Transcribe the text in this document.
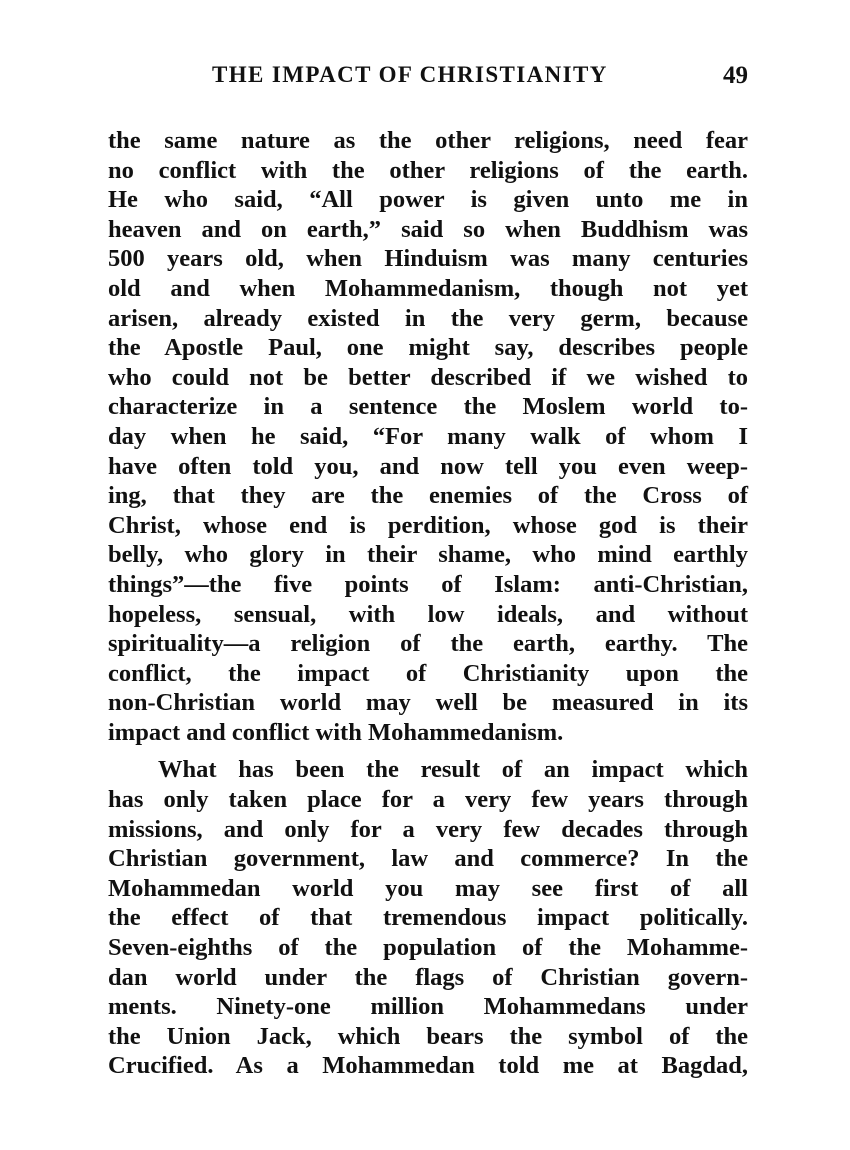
THE IMPACT OF CHRISTIANITY	49
the same nature as the other religions, need fear
no conflict with the other religions of the earth.
He who said, “All power is given unto me in
heaven and on earth,” said so when Buddhism was
500 years old, when Hinduism was many centuries
old and when Mohammedanism, though not yet
arisen, already existed in the very germ, because
the Apostle Paul, one might say, describes people
who could not be better described if we wished to
characterize in a sentence the Moslem world to-
day when he said, “For many walk of whom I
have often told you, and now tell you even weep-
ing, that they are the enemies of the Cross of
Christ, whose end is perdition, whose god is their
belly, who glory in their shame, who mind earthly
things”—the five points of Islam: anti-Christian,
hopeless, sensual, with low ideals, and without
spirituality—a religion of the earth, earthy. The
conflict, the impact of Christianity upon the
non-Christian world may well be measured in its
impact and conflict with Mohammedanism.
What has been the result of an impact which
has only taken place for a very few years through
missions, and only for a very few decades through
Christian government, law and commerce? In the
Mohammedan world you may see first of all
the effect of that tremendous impact politically.
Seven-eighths of the population of the Mohamme-
dan world under the flags of Christian govern-
ments. Ninety-one million Mohammedans under
the Union Jack, which bears the symbol of the
Crucified. As a Mohammedan told me at Bagdad,
